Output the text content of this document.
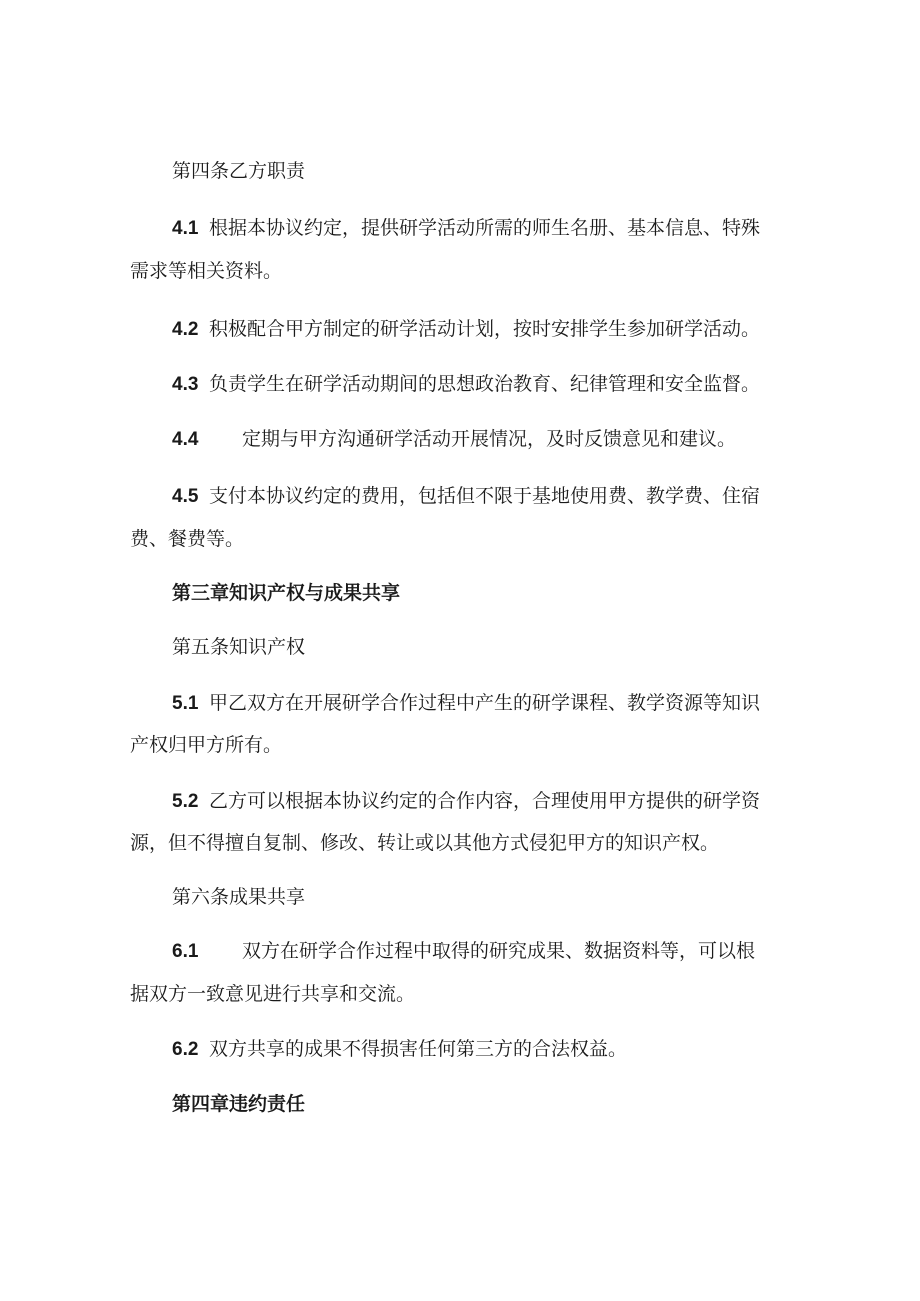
第四条乙方职责
4.1 根据本协议约定，提供研学活动所需的师生名册、基本信息、特殊
需求等相关资料。
4.2 积极配合甲方制定的研学活动计划，按时安排学生参加研学活动。
4.3 负责学生在研学活动期间的思想政治教育、纪律管理和安全监督。
4.4 定期与甲方沟通研学活动开展情况，及时反馈意见和建议。
4.5 支付本协议约定的费用，包括但不限于基地使用费、教学费、住宿
费、餐费等。
第三章知识产权与成果共享
第五条知识产权
5.1 甲乙双方在开展研学合作过程中产生的研学课程、教学资源等知识
产权归甲方所有。
5.2 乙方可以根据本协议约定的合作内容，合理使用甲方提供的研学资
源，但不得擅自复制、修改、转让或以其他方式侵犯甲方的知识产权。
第六条成果共享
6.1 双方在研学合作过程中取得的研究成果、数据资料等，可以根
据双方一致意见进行共享和交流。
6.2 双方共享的成果不得损害任何第三方的合法权益。
第四章违约责任
